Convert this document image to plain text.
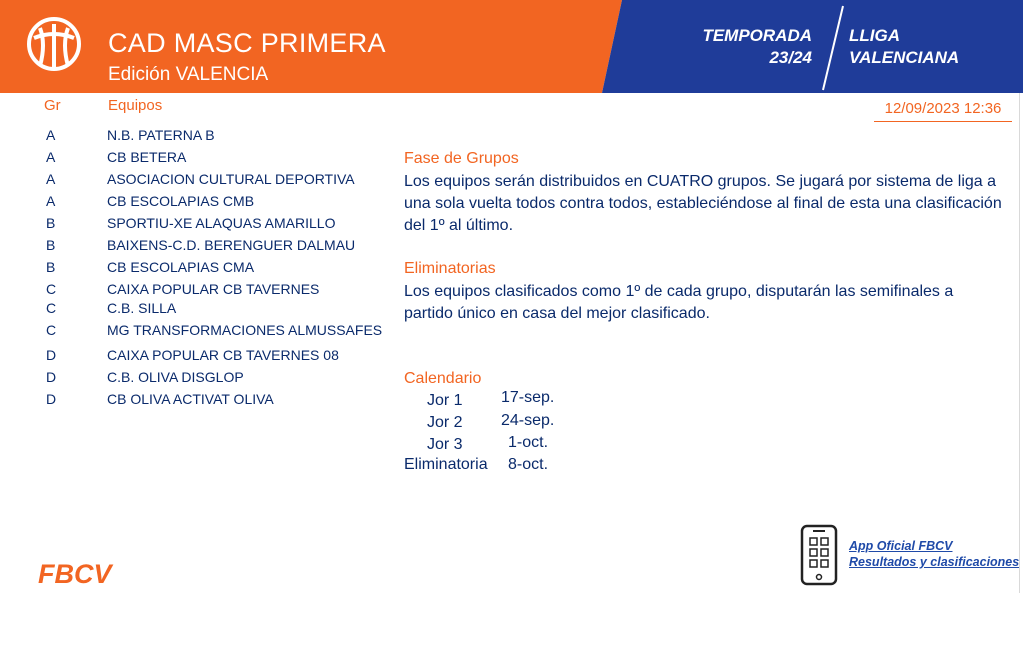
CAD MASC PRIMERA
Edición VALENCIA
TEMPORADA
23/24
LLIGA
VALENCIANA
Gr	Equipos	12/09/2023 12:36
A	N.B. PATERNA B
A	CB BETERA
A	ASOCIACION CULTURAL DEPORTIVA
A	CB ESCOLAPIAS CMB
B	SPORTIU-XE ALAQUAS AMARILLO
B	BAIXENS-C.D. BERENGUER DALMAU
B	CB ESCOLAPIAS CMA
C	CAIXA POPULAR CB TAVERNES
C	C.B. SILLA
C	MG TRANSFORMACIONES ALMUSSAFES
D	CAIXA POPULAR CB TAVERNES 08
D	C.B. OLIVA DISGLOP
D	CB OLIVA ACTIVAT OLIVA
Fase de Grupos
Los equipos serán distribuidos en CUATRO grupos. Se jugará por sistema de liga a una sola vuelta todos contra todos, estableciéndose al final de esta una clasificación del 1º al último.
Eliminatorias
Los equipos clasificados como 1º de cada grupo, disputarán las semifinales a partido único en casa del mejor clasificado.
Calendario
Jor 1	17-sep.
Jor 2	24-sep.
Jor 3	1-oct.
Eliminatoria	8-oct.
FBCV
App Oficial FBCV
Resultados y clasificaciones
